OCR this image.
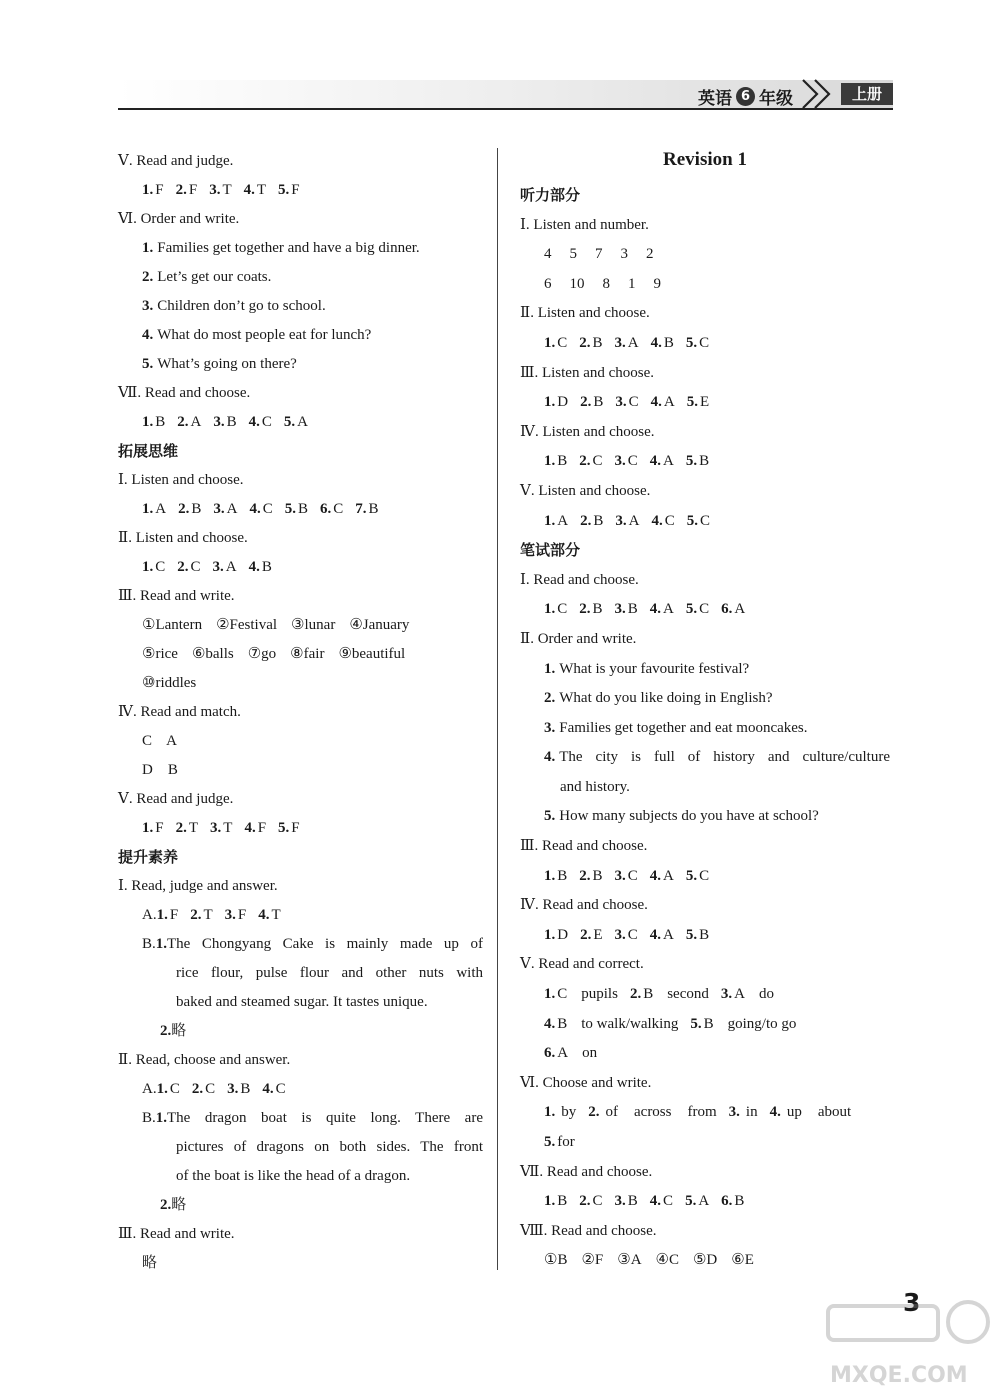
英语 6 年级	上册
Ⅴ. Read and judge.
1. F 2. F 3. T 4. T 5. F
Ⅵ. Order and write.
1. Families get together and have a big dinner.
2. Let’s get our coats.
3. Children don’t go to school.
4. What do most people eat for lunch?
5. What’s going on there?
Ⅶ. Read and choose.
1. B 2. A 3. B 4. C 5. A
拓展思维
Ⅰ. Listen and choose.
1. A 2. B 3. A 4. C 5. B 6. C 7. B
Ⅱ. Listen and choose.
1. C 2. C 3. A 4. B
Ⅲ. Read and write.
①Lantern ②Festival ③lunar ④January
⑤rice ⑥balls ⑦go ⑧fair ⑨beautiful
⑩riddles
Ⅳ. Read and match.
C    A
D    B
Ⅴ. Read and judge.
1. F 2. T 3. T 4. F 5. F
提升素养
Ⅰ. Read, judge and answer.
A.1. F 2. T 3. F 4. T
B.1.The Chongyang Cake is mainly made up of
rice flour, pulse flour and other nuts with
baked and steamed sugar. It tastes unique.
2.略
Ⅱ. Read, choose and answer.
A.1. C 2. C 3. B 4. C
B.1.The dragon boat is quite long. There are
pictures of dragons on both sides. The front
of the boat is like the head of a dragon.
2.略
Ⅲ. Read and write.
略
Revision 1
听力部分
Ⅰ. Listen and number.
4 5 7 3 2
6 10 8 1 9
Ⅱ. Listen and choose.
1. C 2. B 3. A 4. B 5. C
Ⅲ. Listen and choose.
1. D 2. B 3. C 4. A 5. E
Ⅳ. Listen and choose.
1. B 2. C 3. C 4. A 5. B
Ⅴ. Listen and choose.
1. A 2. B 3. A 4. C 5. C
笔试部分
Ⅰ. Read and choose.
1. C 2. B 3. B 4. A 5. C 6. A
Ⅱ. Order and write.
1. What is your favourite festival?
2. What do you like doing in English?
3. Families get together and eat mooncakes.
4. The city is full of history and culture/culture
and history.
5. How many subjects do you have at school?
Ⅲ. Read and choose.
1. B 2. B 3. C 4. A 5. C
Ⅳ. Read and choose.
1. D 2. E 3. C 4. A 5. B
Ⅴ. Read and correct.
1. C pupils 2. B second 3. A do
4. B to walk/walking 5. B going/to go
6. A on
Ⅵ. Choose and write.
1. by 2. of across from 3. in 4. up about
5. for
Ⅶ. Read and choose.
1. B 2. C 3. B 4. C 5. A 6. B
Ⅷ. Read and choose.
①B ②F ③A ④C ⑤D ⑥E
3
MXQE.COM
